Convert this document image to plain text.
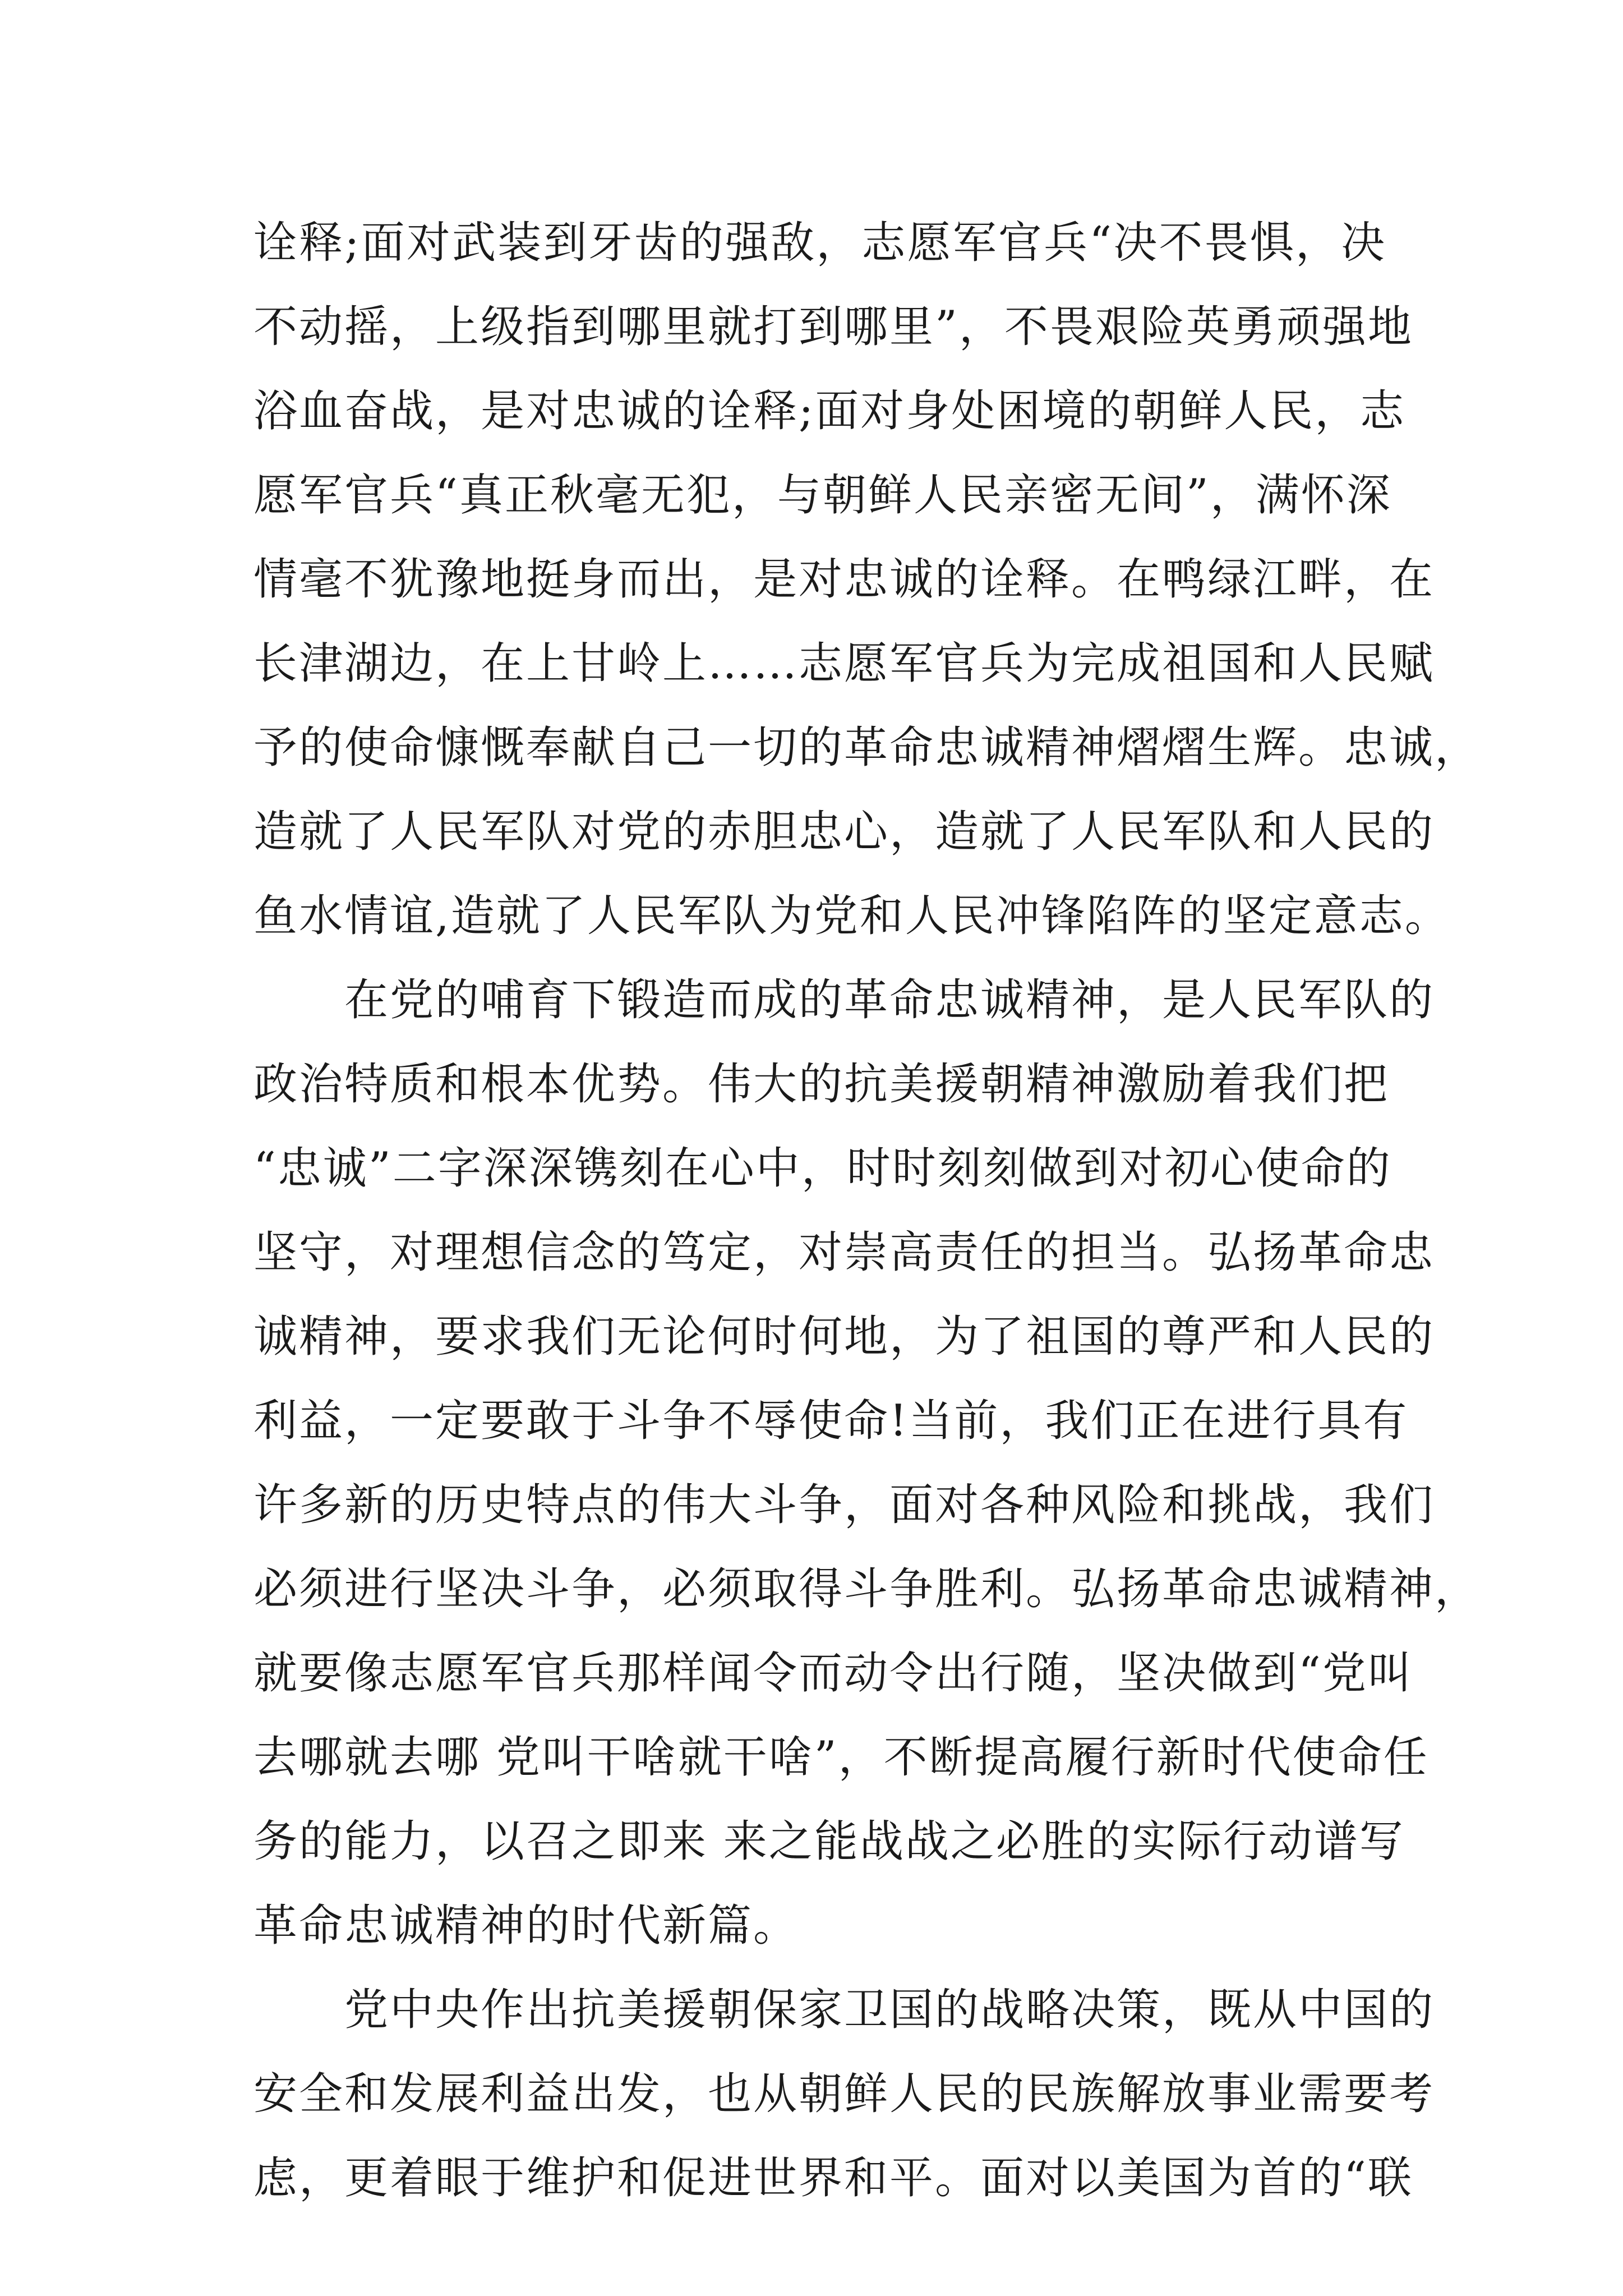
诠释;面对武装到牙齿的强敌，志愿军官兵“决不畏惧，决
不动摇，上级指到哪里就打到哪里”，不畏艰险英勇顽强地
浴血奋战，是对忠诚的诠释;面对身处困境的朝鲜人民，志
愿军官兵“真正秋毫无犯，与朝鲜人民亲密无间”，满怀深
情毫不犹豫地挺身而出，是对忠诚的诠释。在鸭绿江畔，在
长津湖边，在上甘岭上……志愿军官兵为完成祖国和人民赋
予的使命慷慨奉献自己一切的革命忠诚精神熠熠生辉。忠诚，
造就了人民军队对党的赤胆忠心，造就了人民军队和人民的
鱼水情谊,造就了人民军队为党和人民冲锋陷阵的坚定意志。
　　在党的哺育下锻造而成的革命忠诚精神，是人民军队的
政治特质和根本优势。伟大的抗美援朝精神激励着我们把
“忠诚”二字深深镌刻在心中，时时刻刻做到对初心使命的
坚守，对理想信念的笃定，对崇高责任的担当。弘扬革命忠
诚精神，要求我们无论何时何地，为了祖国的尊严和人民的
利益，一定要敢于斗争不辱使命!当前，我们正在进行具有
许多新的历史特点的伟大斗争，面对各种风险和挑战，我们
必须进行坚决斗争，必须取得斗争胜利。弘扬革命忠诚精神，
就要像志愿军官兵那样闻令而动令出行随，坚决做到“党叫
去哪就去哪 党叫干啥就干啥”，不断提高履行新时代使命任
务的能力，以召之即来 来之能战战之必胜的实际行动谱写
革命忠诚精神的时代新篇。
　　党中央作出抗美援朝保家卫国的战略决策，既从中国的
安全和发展利益出发，也从朝鲜人民的民族解放事业需要考
虑，更着眼于维护和促进世界和平。面对以美国为首的“联
